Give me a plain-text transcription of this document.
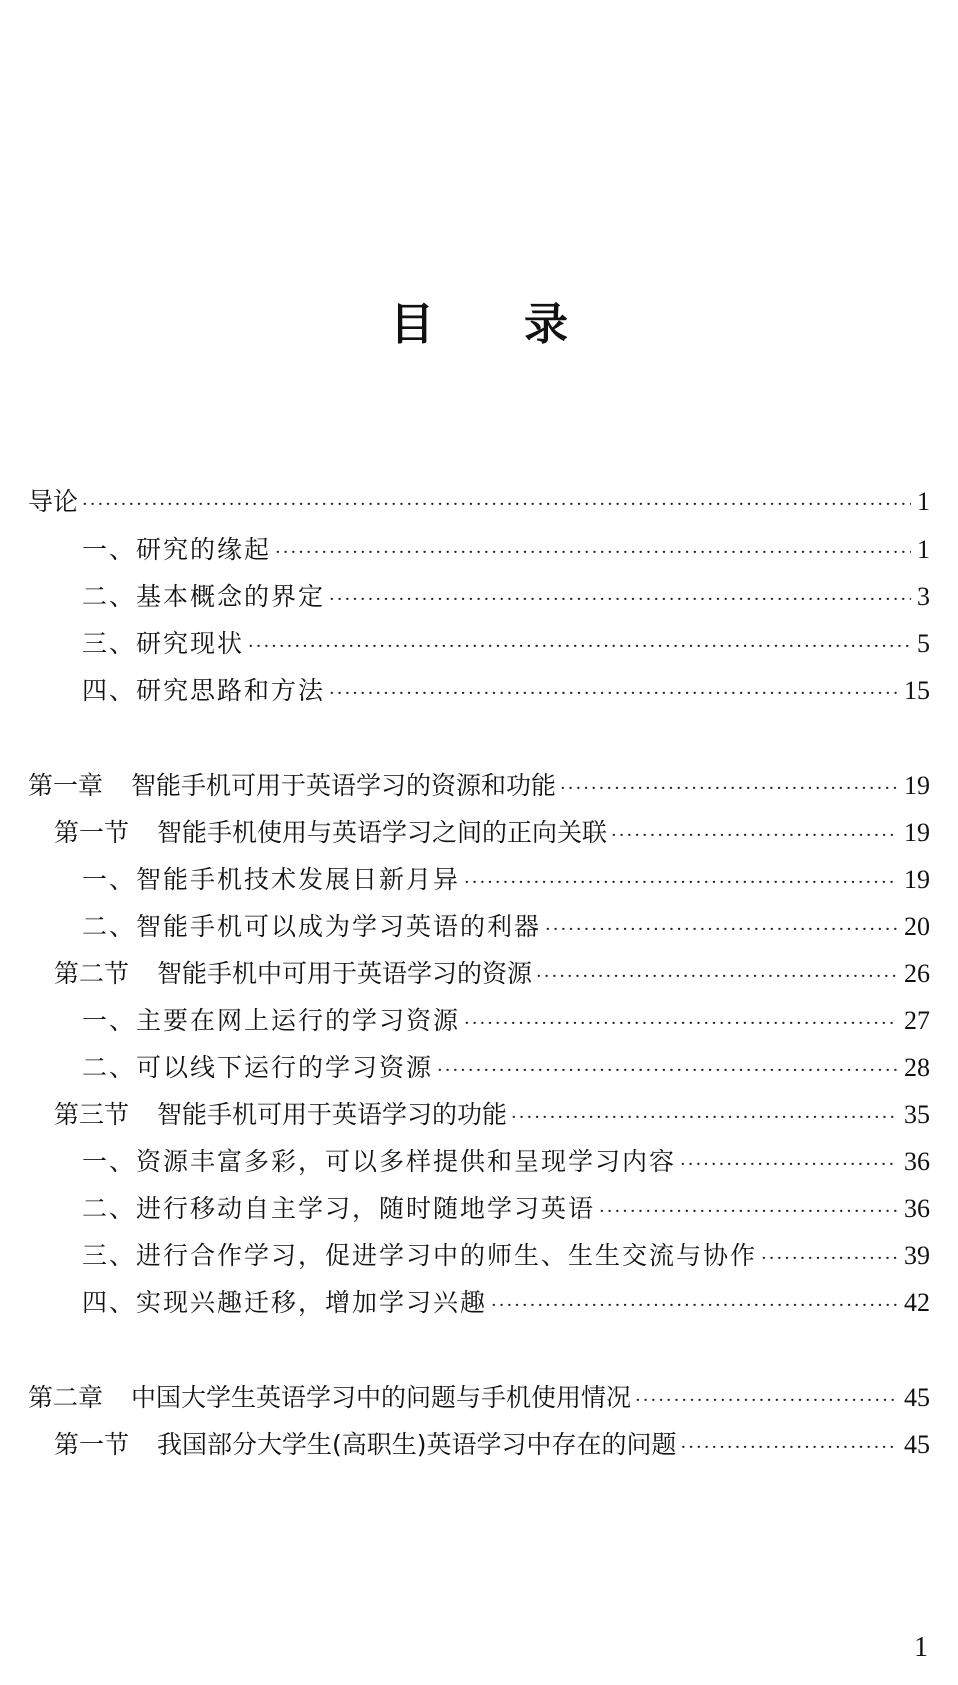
目 录
导论 ·····	1
一、研究的缘起 ·····	1
二、基本概念的界定 ·····	3
三、研究现状 ·····	5
四、研究思路和方法 ·····	15
第一章 智能手机可用于英语学习的资源和功能 ·····	19
第一节 智能手机使用与英语学习之间的正向关联 ·····	19
一、智能手机技术发展日新月异 ·····	19
二、智能手机可以成为学习英语的利器 ·····	20
第二节 智能手机中可用于英语学习的资源 ·····	26
一、主要在网上运行的学习资源 ·····	27
二、可以线下运行的学习资源 ·····	28
第三节 智能手机可用于英语学习的功能 ·····	35
一、资源丰富多彩，可以多样提供和呈现学习内容 ·····	36
二、进行移动自主学习，随时随地学习英语 ·····	36
三、进行合作学习，促进学习中的师生、生生交流与协作 ·····	39
四、实现兴趣迁移，增加学习兴趣 ·····	42
第二章 中国大学生英语学习中的问题与手机使用情况 ·····	45
第一节 我国部分大学生(高职生)英语学习中存在的问题 ·····	45
1
